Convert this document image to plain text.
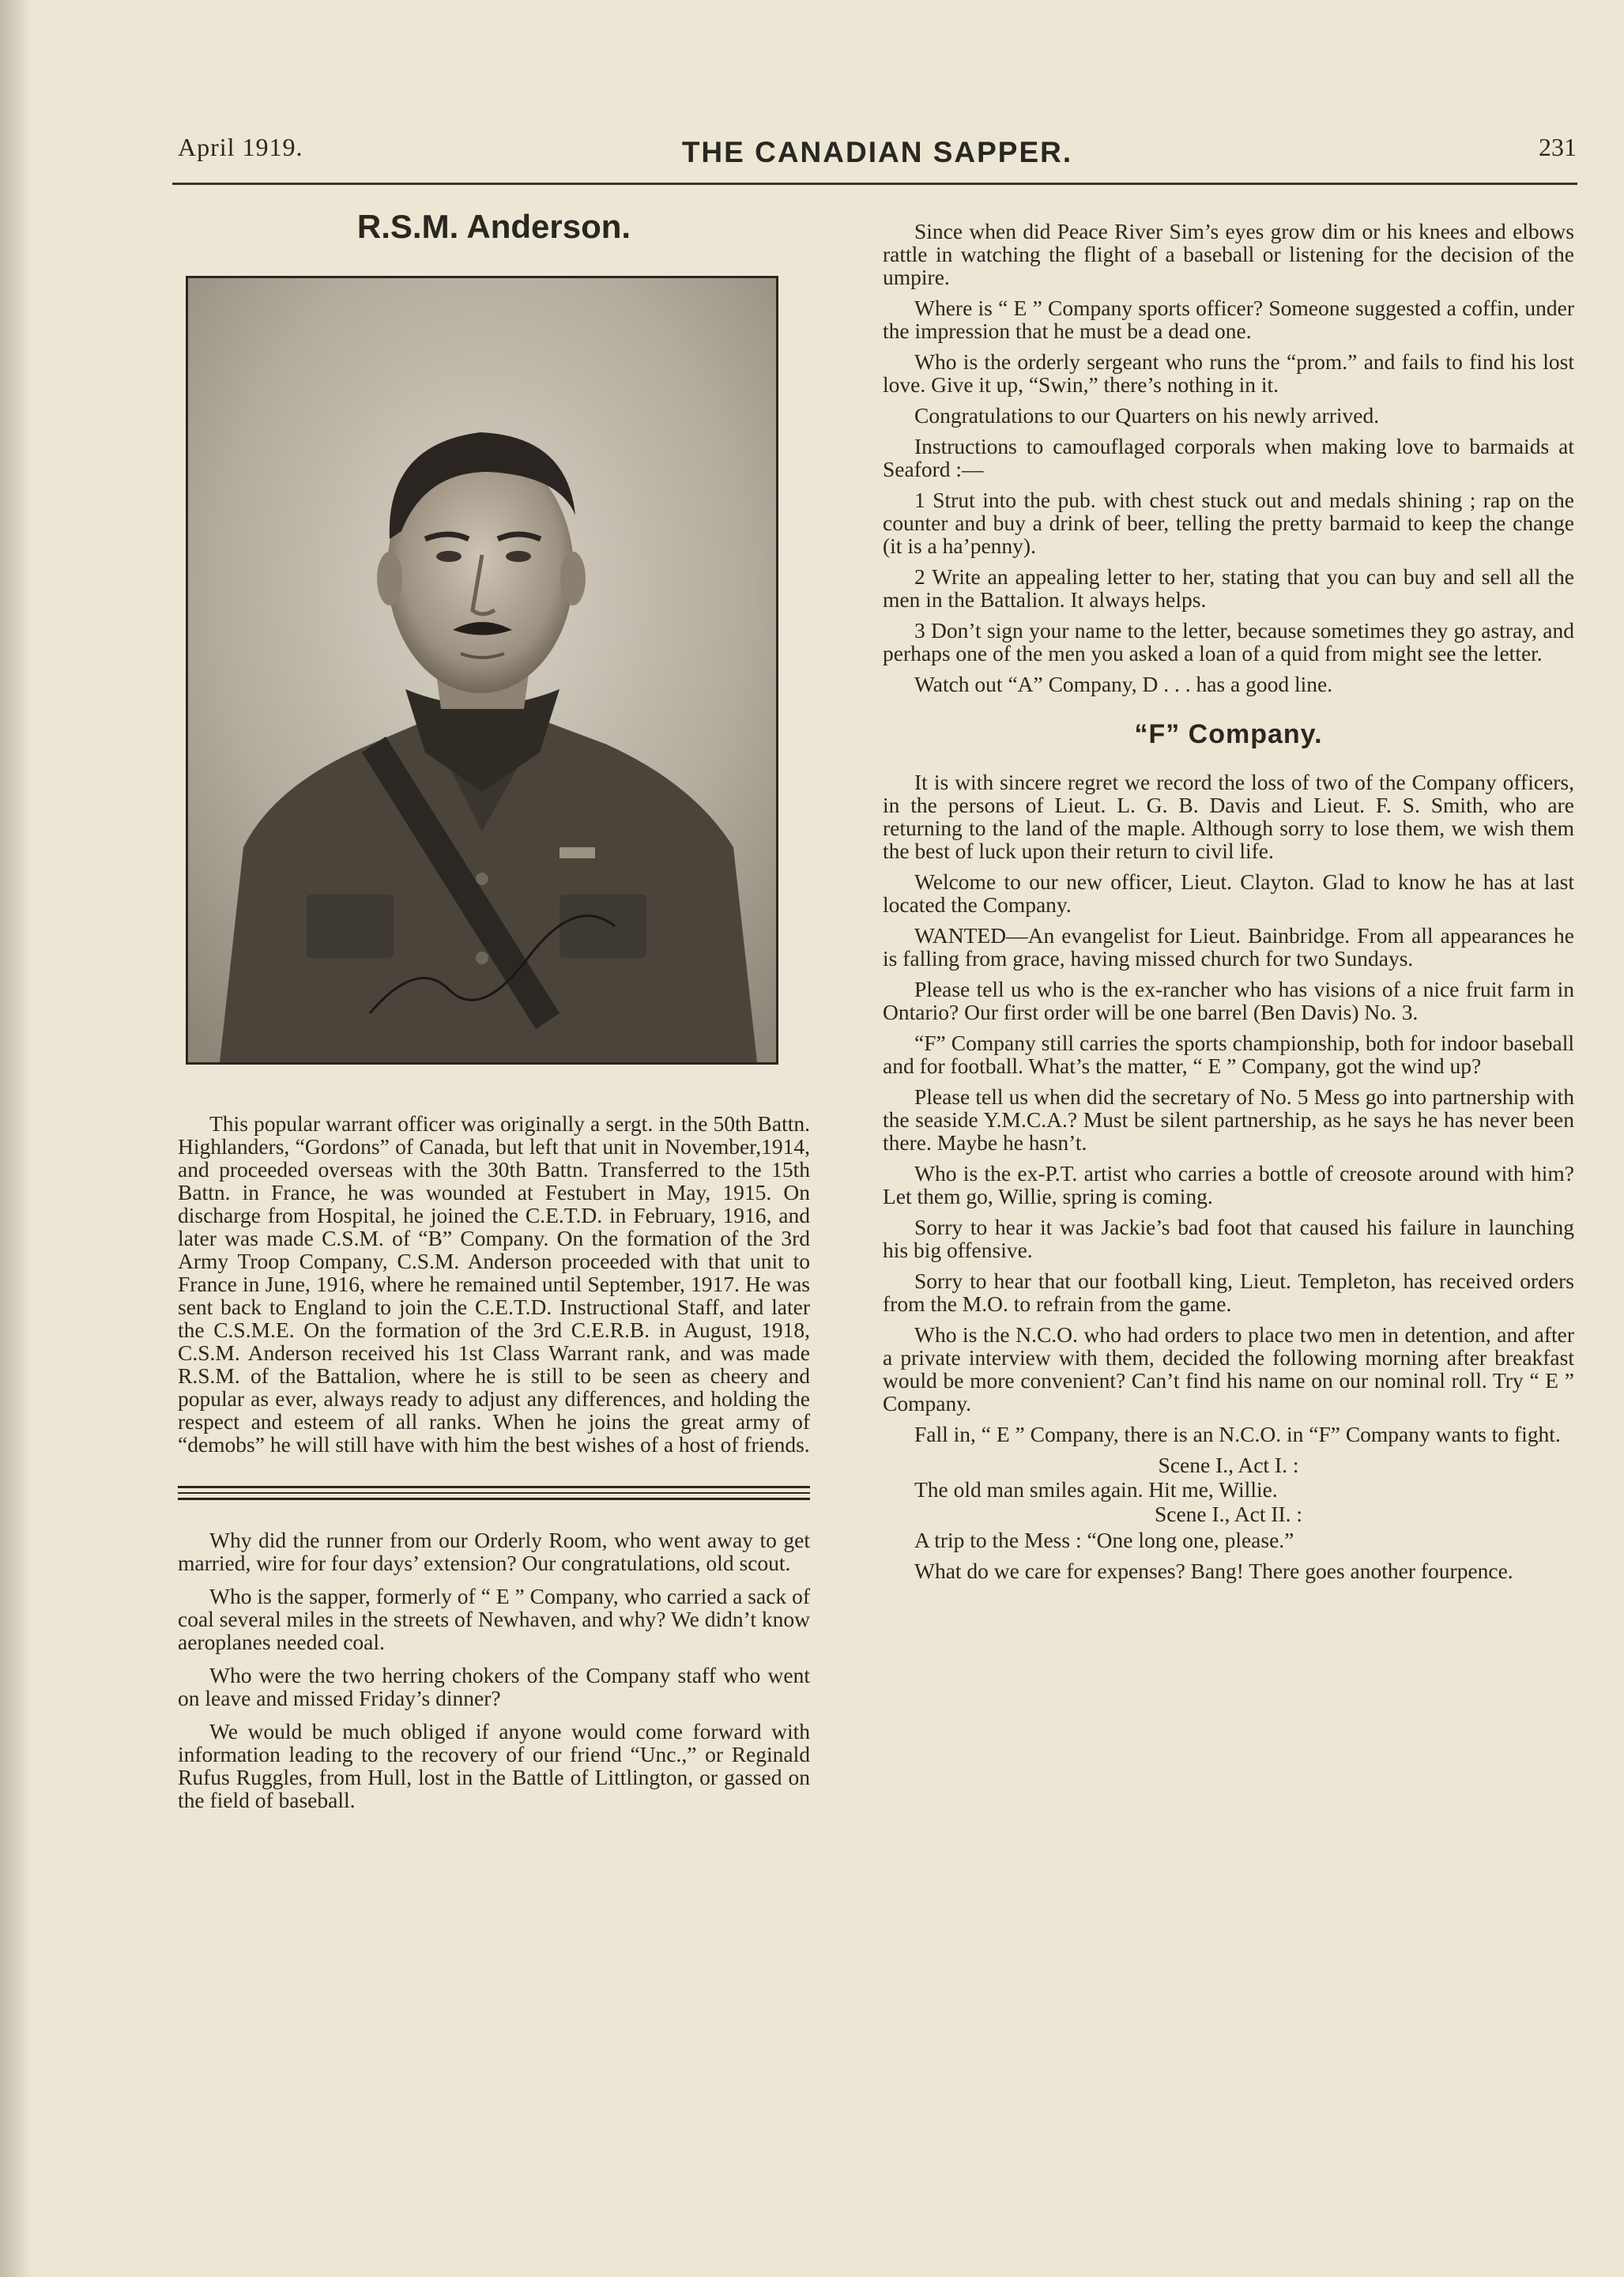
April 1919.	THE CANADIAN SAPPER.	231
R.S.M. Anderson.

This popular warrant officer was originally a sergt. in the 50th Battn. Highlanders, “Gordons” of Canada, but left that unit in November,1914, and proceeded overseas with the 30th Battn. Transferred to the 15th Battn. in France, he was wounded at Festubert in May, 1915. On discharge from Hospital, he joined the C.E.T.D. in February, 1916, and later was made C.S.M. of “B” Company. On the formation of the 3rd Army Troop Company, C.S.M. Anderson proceeded with that unit to France in June, 1916, where he remained until September, 1917. He was sent back to England to join the C.E.T.D. Instructional Staff, and later the C.S.M.E. On the formation of the 3rd C.E.R.B. in August, 1918, C.S.M. Anderson received his 1st Class Warrant rank, and was made R.S.M. of the Battalion, where he is still to be seen as cheery and popular as ever, always ready to adjust any differences, and holding the respect and esteem of all ranks. When he joins the great army of “demobs” he will still have with him the best wishes of a host of friends.

Why did the runner from our Orderly Room, who went away to get married, wire for four days’ extension? Our congratulations, old scout.

Who is the sapper, formerly of “ E ” Company, who carried a sack of coal several miles in the streets of Newhaven, and why? We didn’t know aeroplanes needed coal.

Who were the two herring chokers of the Company staff who went on leave and missed Friday’s dinner?

We would be much obliged if anyone would come forward with information leading to the recovery of our friend “Unc.,” or Reginald Rufus Ruggles, from Hull, lost in the Battle of Littlington, or gassed on the field of baseball.

Since when did Peace River Sim’s eyes grow dim or his knees and elbows rattle in watching the flight of a baseball or listening for the decision of the umpire.

Where is “ E ” Company sports officer? Someone suggested a coffin, under the impression that he must be a dead one.

Who is the orderly sergeant who runs the “prom.” and fails to find his lost love. Give it up, “Swin,” there’s nothing in it.

Congratulations to our Quarters on his newly arrived.

Instructions to camouflaged corporals when making love to barmaids at Seaford :—

1 Strut into the pub. with chest stuck out and medals shining ; rap on the counter and buy a drink of beer, telling the pretty barmaid to keep the change (it is a ha’penny).

2 Write an appealing letter to her, stating that you can buy and sell all the men in the Battalion. It always helps.

3 Don’t sign your name to the letter, because sometimes they go astray, and perhaps one of the men you asked a loan of a quid from might see the letter.

Watch out “A” Company, D . . . has a good line.

“F” Company.

It is with sincere regret we record the loss of two of the Company officers, in the persons of Lieut. L. G. B. Davis and Lieut. F. S. Smith, who are returning to the land of the maple. Although sorry to lose them, we wish them the best of luck upon their return to civil life.

Welcome to our new officer, Lieut. Clayton. Glad to know he has at last located the Company.

WANTED—An evangelist for Lieut. Bainbridge. From all appearances he is falling from grace, having missed church for two Sundays.

Please tell us who is the ex-rancher who has visions of a nice fruit farm in Ontario? Our first order will be one barrel (Ben Davis) No. 3.

“F” Company still carries the sports championship, both for indoor baseball and for football. What’s the matter, “ E ” Company, got the wind up?

Please tell us when did the secretary of No. 5 Mess go into partnership with the seaside Y.M.C.A.? Must be silent partnership, as he says he has never been there. Maybe he hasn’t.

Who is the ex-P.T. artist who carries a bottle of creosote around with him? Let them go, Willie, spring is coming.

Sorry to hear it was Jackie’s bad foot that caused his failure in launching his big offensive.

Sorry to hear that our football king, Lieut. Templeton, has received orders from the M.O. to refrain from the game.

Who is the N.C.O. who had orders to place two men in detention, and after a private interview with them, decided the following morning after breakfast would be more convenient? Can’t find his name on our nominal roll. Try “ E ” Company.

Fall in, “ E ” Company, there is an N.C.O. in “F” Company wants to fight.

Scene I., Act I. :

The old man smiles again. Hit me, Willie.

Scene I., Act II. :

A trip to the Mess : “One long one, please.”

What do we care for expenses? Bang! There goes another fourpence.
